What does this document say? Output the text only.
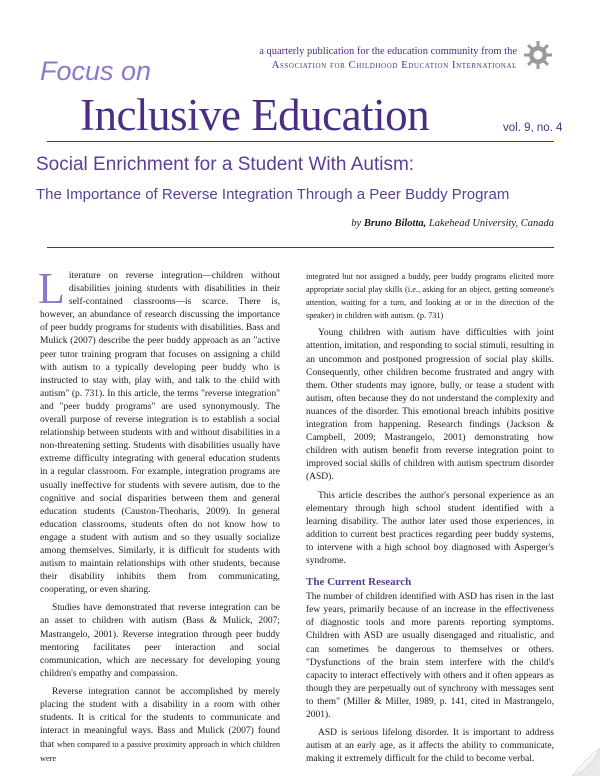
a quarterly publication for the education community from the
Association for Childhood Education International
Focus on
Inclusive Education	vol. 9, no. 4
Social Enrichment for a Student With Autism:
The Importance of Reverse Integration Through a Peer Buddy Program
by Bruno Bilotta, Lakehead University, Canada

Literature on reverse integration—children without disabilities joining students with disabilities in their self-contained classrooms—is scarce. There is, however, an abundance of research discussing the importance of peer buddy programs for students with disabilities. Bass and Mulick (2007) describe the peer buddy approach as an "active peer tutor training program that focuses on assigning a child with autism to a typically developing peer buddy who is instructed to stay with, play with, and talk to the child with autism" (p. 731). In this article, the terms "reverse integration" and "peer buddy programs" are used synonymously. The overall purpose of reverse integration is to establish a social relationship between students with and without disabilities in a non-threatening setting. Students with disabilities usually have extreme difficulty integrating with general education students in a regular classroom. For example, integration programs are usually ineffective for students with severe autism, due to the cognitive and social disparities between them and general education students (Causton-Theoharis, 2009). In general education classrooms, students often do not know how to engage a student with autism and so they usually socialize among themselves. Similarly, it is difficult for students with autism to maintain relationships with other students, because their disability inhibits them from communicating, cooperating, or even sharing.

Studies have demonstrated that reverse integration can be an asset to children with autism (Bass & Mulick, 2007; Mastrangelo, 2001). Reverse integration through peer buddy mentoring facilitates peer interaction and social communication, which are necessary for developing young children's empathy and compassion.

Reverse integration cannot be accomplished by merely placing the student with a disability in a room with other students. It is critical for the students to communicate and interact in meaningful ways. Bass and Mulick (2007) found that when compared to a passive proximity approach in which children were

integrated but not assigned a buddy, peer buddy programs elicited more appropriate social play skills (i.e., asking for an object, getting someone's attention, waiting for a turn, and looking at or in the direction of the speaker) in children with autism. (p. 731)

Young children with autism have difficulties with joint attention, imitation, and responding to social stimuli, resulting in an uncommon and postponed progression of social play skills. Consequently, other children become frustrated and angry with them. Other students may ignore, bully, or tease a student with autism, often because they do not understand the complexity and nuances of the disorder. This emotional breach inhibits positive integration from happening. Research findings (Jackson & Campbell, 2009; Mastrangelo, 2001) demonstrating how children with autism benefit from reverse integration point to improved social skills of children with autism spectrum disorder (ASD).

This article describes the author's personal experience as an elementary through high school student identified with a learning disability. The author later used those experiences, in addition to current best practices regarding peer buddy systems, to intervene with a high school boy diagnosed with Asperger's syndrome.

The Current Research

The number of children identified with ASD has risen in the last few years, primarily because of an increase in the effectiveness of diagnostic tools and more parents reporting symptoms. Children with ASD are usually disengaged and ritualistic, and can sometimes be dangerous to themselves or others. "Dysfunctions of the brain stem interfere with the child's capacity to interact effectively with others and it often appears as though they are perpetually out of synchrony with messages sent to them" (Miller & Miller, 1989, p. 141, cited in Mastrangelo, 2001).

ASD is serious lifelong disorder. It is important to address autism at an early age, as it affects the ability to communicate, making it extremely difficult for the child to become verbal.
